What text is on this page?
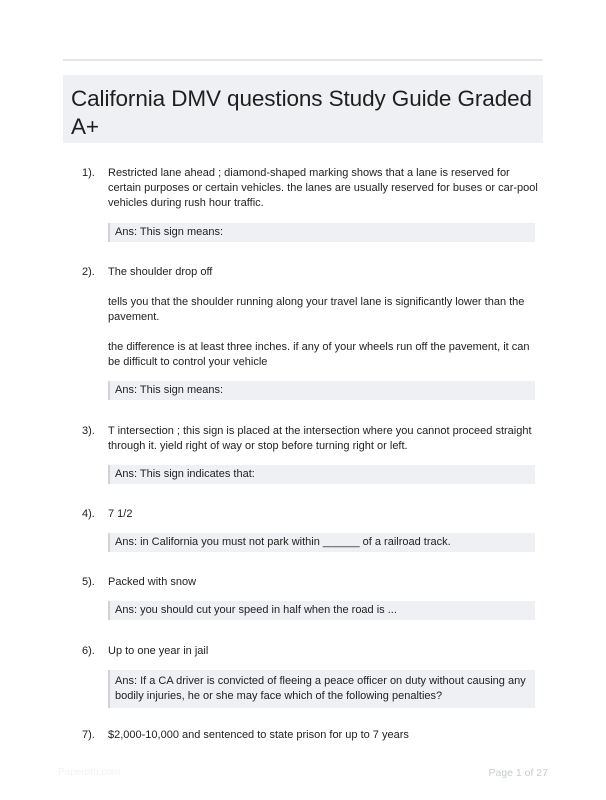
California DMV questions Study Guide Graded A+
1). Restricted lane ahead ; diamond-shaped marking shows that a lane is reserved for certain purposes or certain vehicles. the lanes are usually reserved for buses or car-pool vehicles during rush hour traffic.

Ans: This sign means:
2). The shoulder drop off

tells you that the shoulder running along your travel lane is significantly lower than the pavement.

the difference is at least three inches. if any of your wheels run off the pavement, it can be difficult to control your vehicle

Ans: This sign means:
3). T intersection ; this sign is placed at the intersection where you cannot proceed straight through it. yield right of way or stop before turning right or left.

Ans: This sign indicates that:
4). 7 1/2

Ans: in California you must not park within ______ of a railroad track.
5). Packed with snow

Ans: you should cut your speed in half when the road is ...
6). Up to one year in jail

Ans: If a CA driver is convicted of fleeing a peace officer on duty without causing any bodily injuries, he or she may face which of the following penalties?
7). $2,000-10,000 and sentenced to state prison for up to 7 years

Paperbtb.com	Page 1 of 27
